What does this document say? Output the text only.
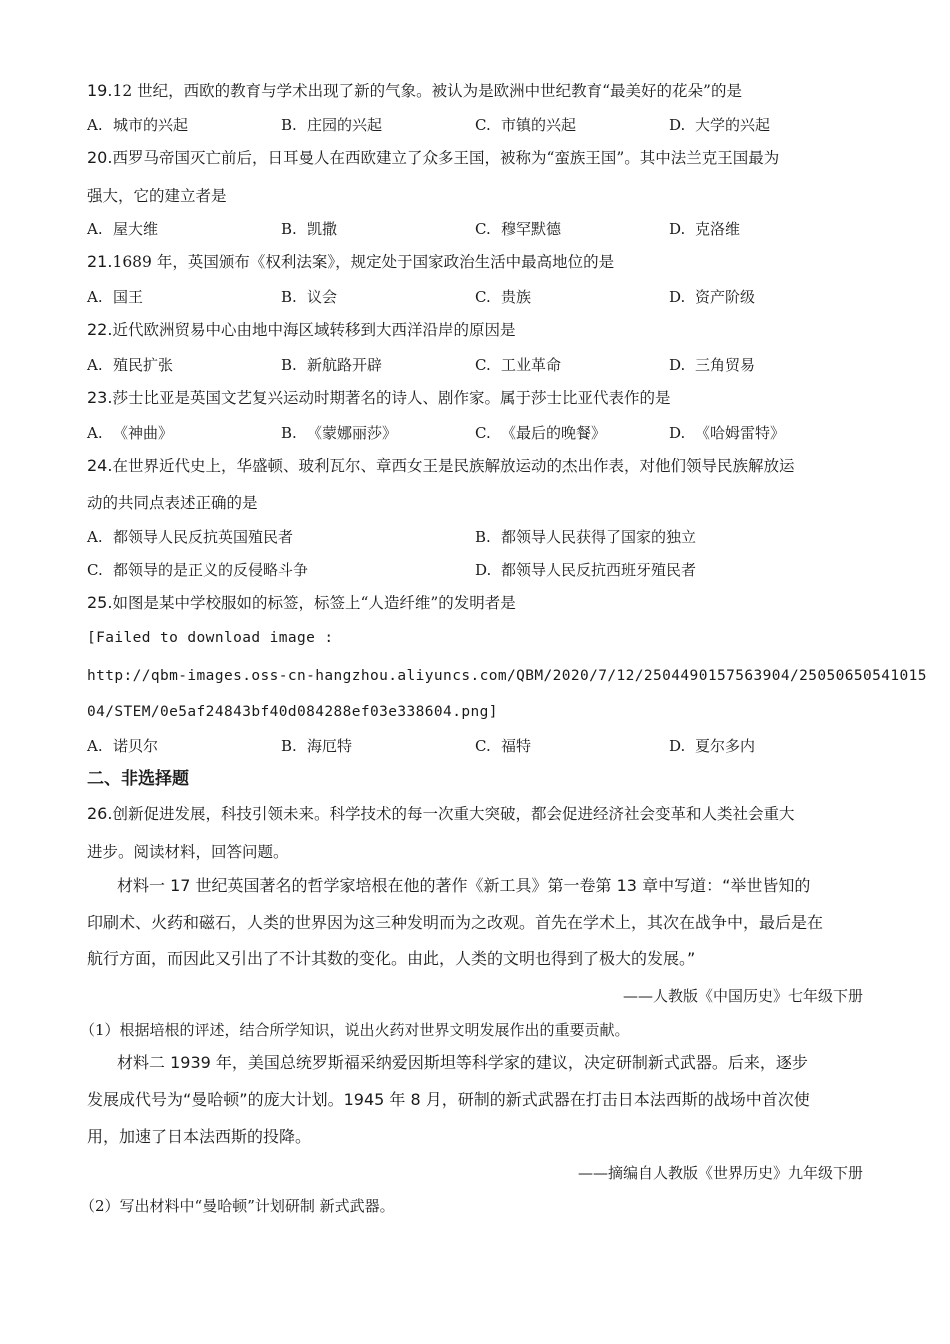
19.12 世纪，西欧的教育与学术出现了新的气象。被认为是欧洲中世纪教育“最美好的花朵”的是
A. 城市的兴起	B. 庄园的兴起	C. 市镇的兴起	D. 大学的兴起
20.西罗马帝国灭亡前后，日耳曼人在西欧建立了众多王国，被称为“蛮族王国”。其中法兰克王国最为
强大，它的建立者是
A. 屋大维	B. 凯撒	C. 穆罕默德	D. 克洛维
21.1689 年，英国颁布《权利法案》，规定处于国家政治生活中最高地位的是
A. 国王	B. 议会	C. 贵族	D. 资产阶级
22.近代欧洲贸易中心由地中海区域转移到大西洋沿岸的原因是
A. 殖民扩张	B. 新航路开辟	C. 工业革命	D. 三角贸易
23.莎士比亚是英国文艺复兴运动时期著名的诗人、剧作家。属于莎士比亚代表作的是
A. 《神曲》	B. 《蒙娜丽莎》	C. 《最后的晚餐》	D. 《哈姆雷特》
24.在世界近代史上，华盛顿、玻利瓦尔、章西女王是民族解放运动的杰出作表，对他们领导民族解放运
动的共同点表述正确的是
A. 都领导人民反抗英国殖民者	B. 都领导人民获得了国家的独立
C. 都领导的是正义的反侵略斗争	D. 都领导人民反抗西班牙殖民者
25.如图是某中学校服如的标签，标签上“人造纤维”的发明者是
[Failed to download image :
http://qbm-images.oss-cn-hangzhou.aliyuncs.com/QBM/2020/7/12/2504490157563904/25050650541015
04/STEM/0e5af24843bf40d084288ef03e338604.png]
A. 诺贝尔	B. 海厄特	C. 福特	D. 夏尔多内
二、非选择题
26.创新促进发展，科技引领未来。科学技术的每一次重大突破，都会促进经济社会变革和人类社会重大
进步。阅读材料，回答问题。
材料一 17 世纪英国著名的哲学家培根在他的著作《新工具》第一卷第 13 章中写道：“举世皆知的
印刷术、火药和磁石，人类的世界因为这三种发明而为之改观。首先在学术上，其次在战争中，最后是在
航行方面，而因此又引出了不计其数的变化。由此，人类的文明也得到了极大的发展。”
——人教版《中国历史》七年级下册
（1）根据培根的评述，结合所学知识，说出火药对世界文明发展作出的重要贡献。
材料二 1939 年，美国总统罗斯福采纳爱因斯坦等科学家的建议，决定研制新式武器。后来，逐步
发展成代号为“曼哈顿”的庞大计划。1945 年 8 月，研制的新式武器在打击日本法西斯的战场中首次使
用，加速了日本法西斯的投降。
——摘编自人教版《世界历史》九年级下册
（2）写出材料中“曼哈顿”计划研制 新式武器。
